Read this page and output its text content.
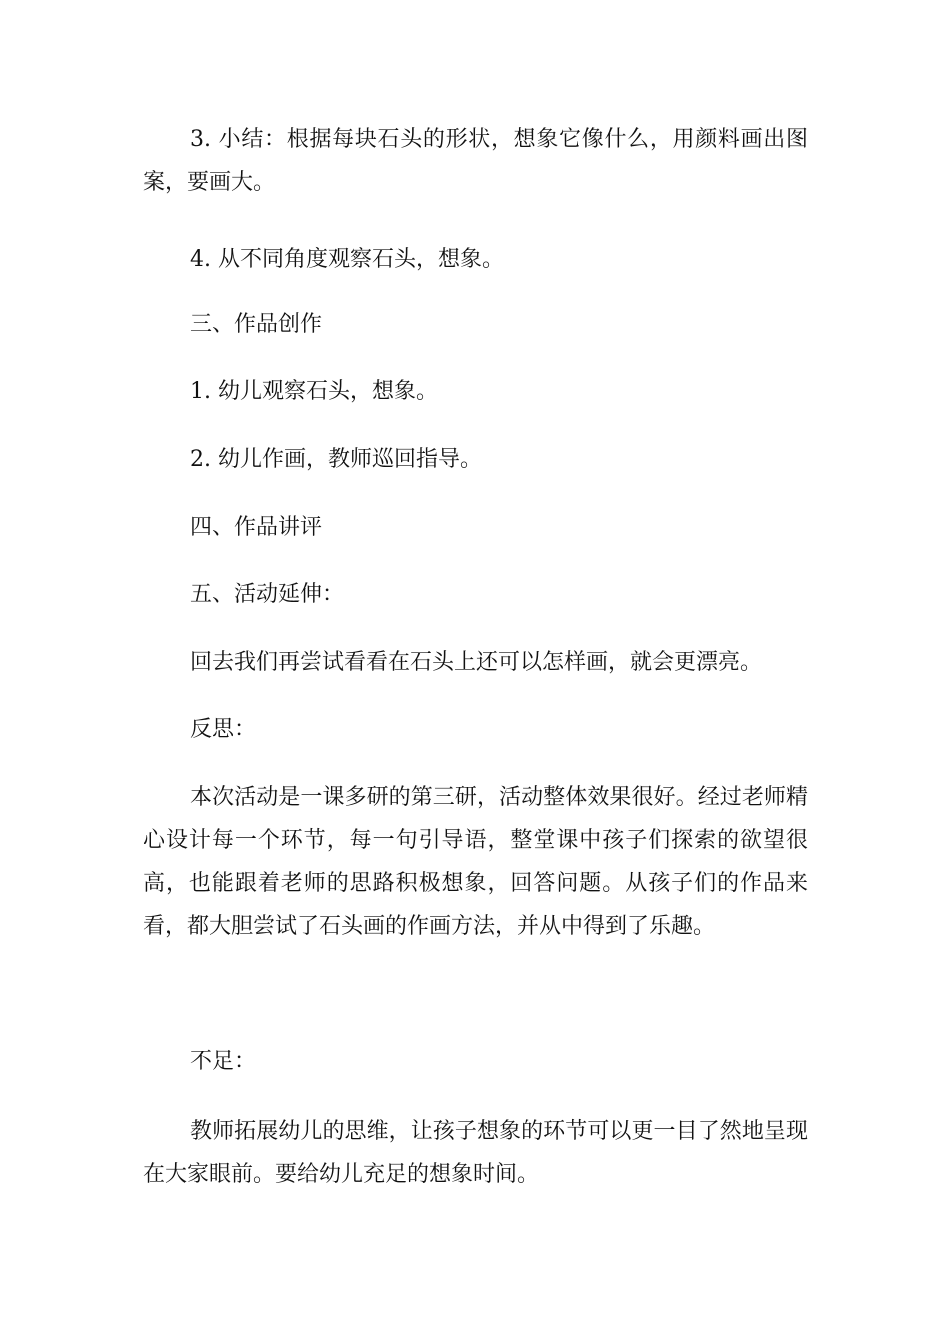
3. 小结：根据每块石头的形状，想象它像什么，用颜料画出图案，要画大。

4. 从不同角度观察石头，想象。

三、作品创作

1. 幼儿观察石头，想象。

2. 幼儿作画，教师巡回指导。

四、作品讲评

五、活动延伸：

回去我们再尝试看看在石头上还可以怎样画，就会更漂亮。

反思：

本次活动是一课多研的第三研，活动整体效果很好。经过老师精心设计每一个环节，每一句引导语，整堂课中孩子们探索的欲望很高，也能跟着老师的思路积极想象，回答问题。从孩子们的作品来看，都大胆尝试了石头画的作画方法，并从中得到了乐趣。

不足：

教师拓展幼儿的思维，让孩子想象的环节可以更一目了然地呈现在大家眼前。要给幼儿充足的想象时间。
